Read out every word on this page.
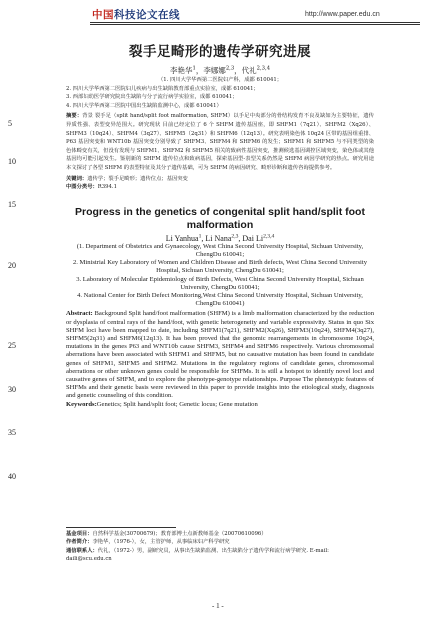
中国科技论文在线	http://www.paper.edu.cn
5
10
15
20
25
30
35
40
裂手足畸形的遗传学研究进展
李艳华$^1$，李娜娜$^{2,3}$，代礼$^{2,3,4}$
（1. 四川大学华西第二医院妇产科，成都 610041；
2. 四川大学华西第二医院妇儿疾病与出生缺陷教育部重点实验室，成都 610041；
3. 西部妇幼医学研究院出生缺陷与分子流行病学实验室，成都 610041；
4. 四川大学华西第二医院中国出生缺陷监测中心，成都 610041）
摘要：背景 裂手足（split hand/split foot malformation, SHFM）以手足中央部分的骨结构发育不良及缺如为主要特征，遗传异质性强、表型变异范围大。研究现状 目前已经定位了 6 个 SHFM 遗传基因座，即 SHFM1（7q21）、SHFM2（Xq26）、SHFM3（10q24）、SHFM4（3q27）、SHFM5（2q31）和 SHFM6（12q13）。研究表明染色体 10q24 区带的基因组重排、P63 基因突变和 WNT10b 基因突变分别导致了 SHFM3、SHFM4 和 SHFM6 的发生；SHFM1 和 SHFM5 与不同类型的染色体畸变有关，但没有发现与 SHFM1、SHFM2 和 SHFM5 相关的致病性基因突变，推测候选基因调控区域突变，染色体或其他基因均可能引起发生。鉴别新的 SHFM 遗传位点和致病基因，探索基因型-表型关系仍然是 SHFM 病因学研究的热点。研究用途 本文探讨了各型 SHFM 的表型特征及其分子遗传基础，可为 SHFM 的病因研究、畸形诊断和遗传咨询提供参考。
关键词：遗传学；裂手足畸形；遗传位点；基因突变
中图分类号：R394.1
Progress in the genetics of congenital split hand/split foot malformation
Li Yanhua$^1$, Li Nana$^{2,3}$, Dai Li$^{2,3,4}$
(1. Department of Obstetrics and Gynaecology, West China Second University Hospital, Sichuan University, ChengDu 610041;
2. Ministrial Key Laboratory of Women and Children Disease and Birth defects, West China Second University Hospital, Sichuan University, ChengDu 610041;
3. Laboratory of Molecular Epidemiology of Birth Defects, West China Second University Hospital, Sichuan University, ChengDu 610041;
4. National Center for Birth Defect Monitoring,West China Second University Hospital, Sichuan University, ChengDu 610041)
Abstract: Background Split hand/foot malformation (SHFM) is a limb malformation characterized by the reduction or dysplasia of central rays of the hand/foot, with genetic heterogeneity and variable expressivity. Status in quo Six SHFM loci have been mapped to date, including SHFM1(7q21), SHFM2(Xq26), SHFM3(10q24), SHFM4(3q27), SHFM5(2q31) and SHFM6(12q13). It has been proved that the genomic rearrangements in chromosome 10q24, mutations in the genes P63 and WNT10b cause SHFM3, SHFM4 and SHFM6 respectively. Various chromosomal aberrations have been associated with SHFM1 and SHFM5, but no causative mutation has been found in candidate genes of SHFM1, SHFM5 and SHFM2. Mutations in the regulatory regions of candidate genes, chromosomal aberrations or other unknown genes could be responsible for SHFMs. It is still a hotspot to identify novel loci and causative genes of SHFM, and to explore the phenotype-genotype relationships. Purpose The phenotypic features of SHFMs and their genetic basis were reviewed in this paper to provide insights into the etiological study, diagnosis and genetic counseling of this condition.
Keywords:Genetics; Split hand/split foot; Genetic locus; Gene mutation
基金项目：自然科学基金(30700679)；教育部博士点新教师基金（20070610096）
作者简介：李艳华，（1976-），女，主管护师，从事临床妇产科学研究
通信联系人：代礼，（1972-）男，副研究员，从事出生缺陷监测、出生缺陷分子遗传学和流行病学研究. E-mail: daili@scu.edu.cn
- 1 -
